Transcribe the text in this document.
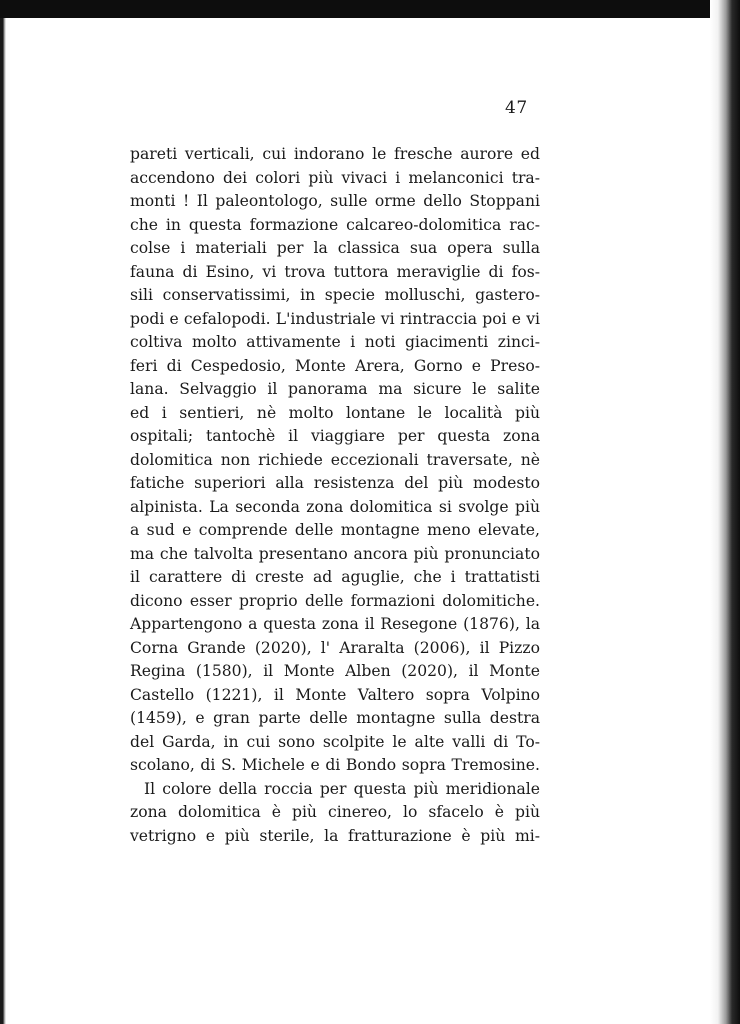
47
pareti verticali, cui indorano le fresche aurore ed
accendono dei colori più vivaci i melanconici tra-
monti ! Il paleontologo, sulle orme dello Stoppani
che in questa formazione calcareo-dolomitica rac-
colse i materiali per la classica sua opera sulla
fauna di Esino, vi trova tuttora meraviglie di fos-
sili conservatissimi, in specie molluschi, gastero-
podi e cefalopodi. L'industriale vi rintraccia poi e vi
coltiva molto attivamente i noti giacimenti zinci-
feri di Cespedosio, Monte Arera, Gorno e Preso-
lana. Selvaggio il panorama ma sicure le salite
ed i sentieri, nè molto lontane le località più
ospitali; tantochè il viaggiare per questa zona
dolomitica non richiede eccezionali traversate, nè
fatiche superiori alla resistenza del più modesto
alpinista. La seconda zona dolomitica si svolge più
a sud e comprende delle montagne meno elevate,
ma che talvolta presentano ancora più pronunciato
il carattere di creste ad aguglie, che i trattatisti
dicono esser proprio delle formazioni dolomitiche.
Appartengono a questa zona il Resegone (1876), la
Corna Grande (2020), l' Araralta (2006), il Pizzo
Regina (1580), il Monte Alben (2020), il Monte
Castello (1221), il Monte Valtero sopra Volpino
(1459), e gran parte delle montagne sulla destra
del Garda, in cui sono scolpite le alte valli di To-
scolano, di S. Michele e di Bondo sopra Tremosine.
Il colore della roccia per questa più meridionale
zona dolomitica è più cinereo, lo sfacelo è più
vetrigno e più sterile, la fratturazione è più mi-
